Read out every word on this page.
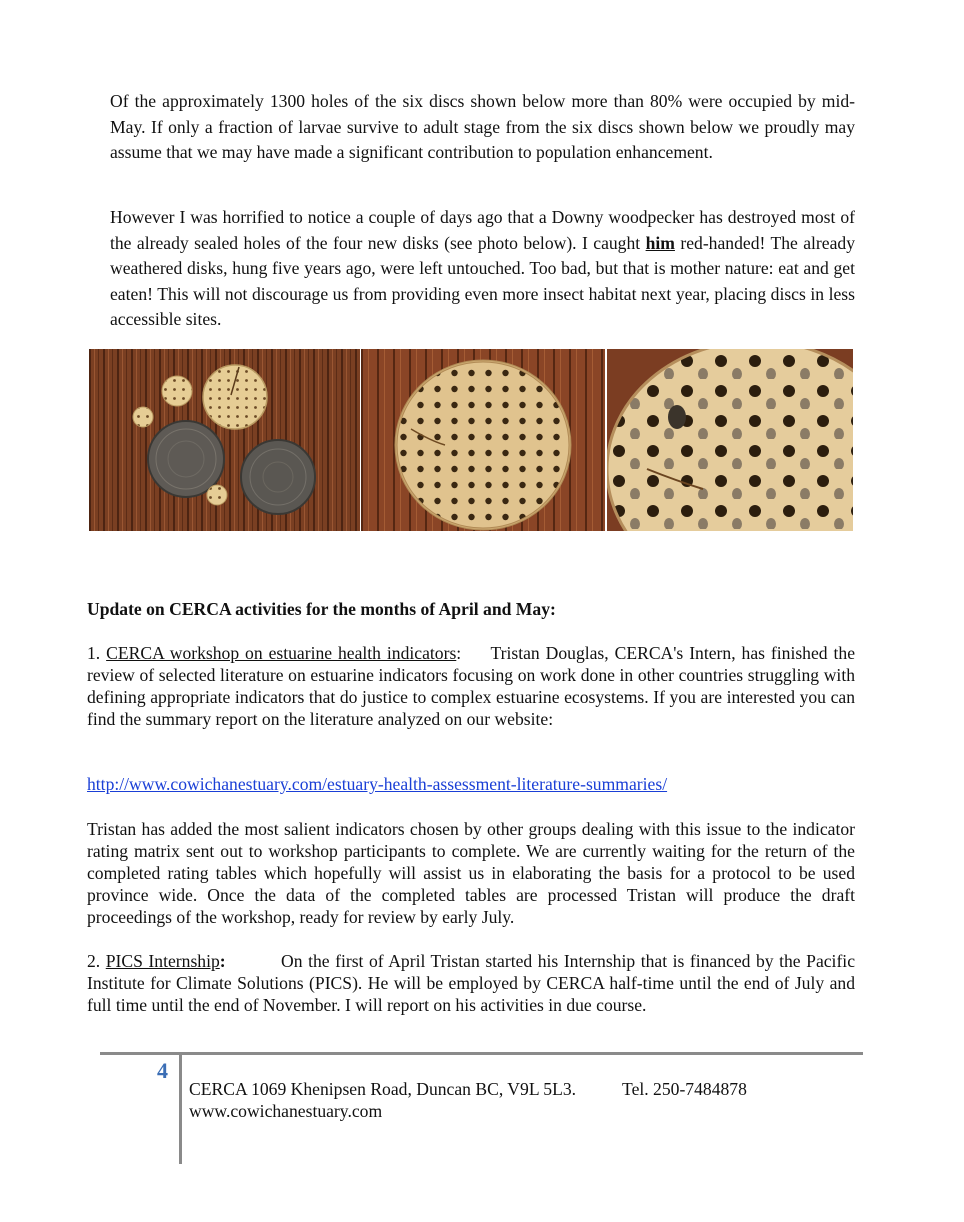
Of the approximately 1300 holes of the six discs shown below more than 80% were occupied by mid-May. If only a fraction of larvae survive to adult stage from the six discs shown below we proudly may assume that we may have made a significant contribution to population enhancement.
However I was horrified to notice a couple of days ago that a Downy woodpecker has destroyed most of the already sealed holes of the four new disks (see photo below). I caught him red-handed! The already weathered disks, hung five years ago, were left untouched. Too bad, but that is mother nature: eat and get eaten! This will not discourage us from providing even more insect habitat next year, placing discs in less accessible sites.
Update on CERCA activities for the months of April and May:
1. CERCA workshop on estuarine health indicators: Tristan Douglas, CERCA's Intern, has finished the review of selected literature on estuarine indicators focusing on work done in other countries struggling with defining appropriate indicators that do justice to complex estuarine ecosystems. If you are interested you can find the summary report on the literature analyzed on our website:
http://www.cowichanestuary.com/estuary-health-assessment-literature-summaries/
Tristan has added the most salient indicators chosen by other groups dealing with this issue to the indicator rating matrix sent out to workshop participants to complete. We are currently waiting for the return of the completed rating tables which hopefully will assist us in elaborating the basis for a protocol to be used province wide. Once the data of the completed tables are processed Tristan will produce the draft proceedings of the workshop, ready for review by early July.
2. PICS Internship:	On the first of April Tristan started his Internship that is financed by the Pacific Institute for Climate Solutions (PICS). He will be employed by CERCA half-time until the end of July and full time until the end of November. I will report on his activities in due course.
4
CERCA 1069 Khenipsen Road, Duncan BC, V9L 5L3.	Tel. 250-7484878
www.cowichanestuary.com
